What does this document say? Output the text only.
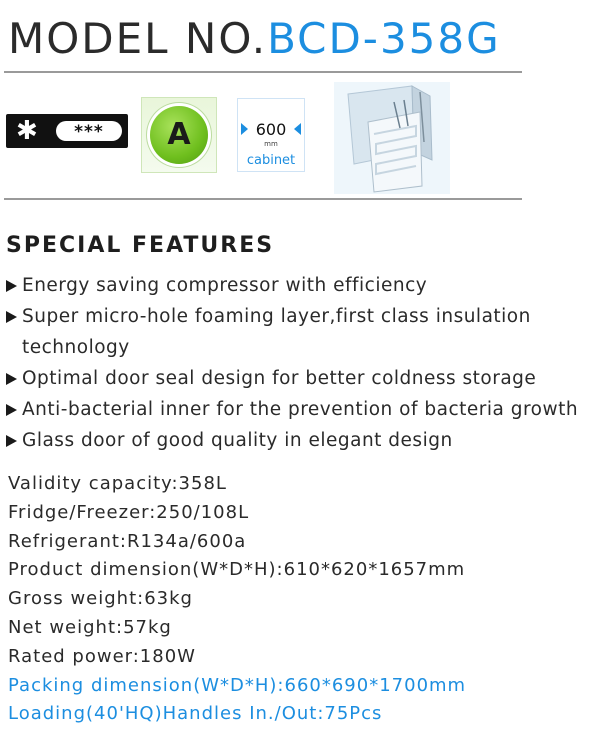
MODEL NO.BCD-358G
✱	***	A	600
mm
cabinet
SPECIAL FEATURES
Energy saving compressor with efficiency
Super micro-hole foaming layer,first class insulation technology
Optimal door seal design for better coldness storage
Anti-bacterial inner for the prevention of bacteria growth
Glass door of good quality in elegant design
Validity capacity:358L
Fridge/Freezer:250/108L
Refrigerant:R134a/600a
Product dimension(W*D*H):610*620*1657mm
Gross weight:63kg
Net weight:57kg
Rated power:180W
Packing dimension(W*D*H):660*690*1700mm
Loading(40'HQ)Handles In./Out:75Pcs
